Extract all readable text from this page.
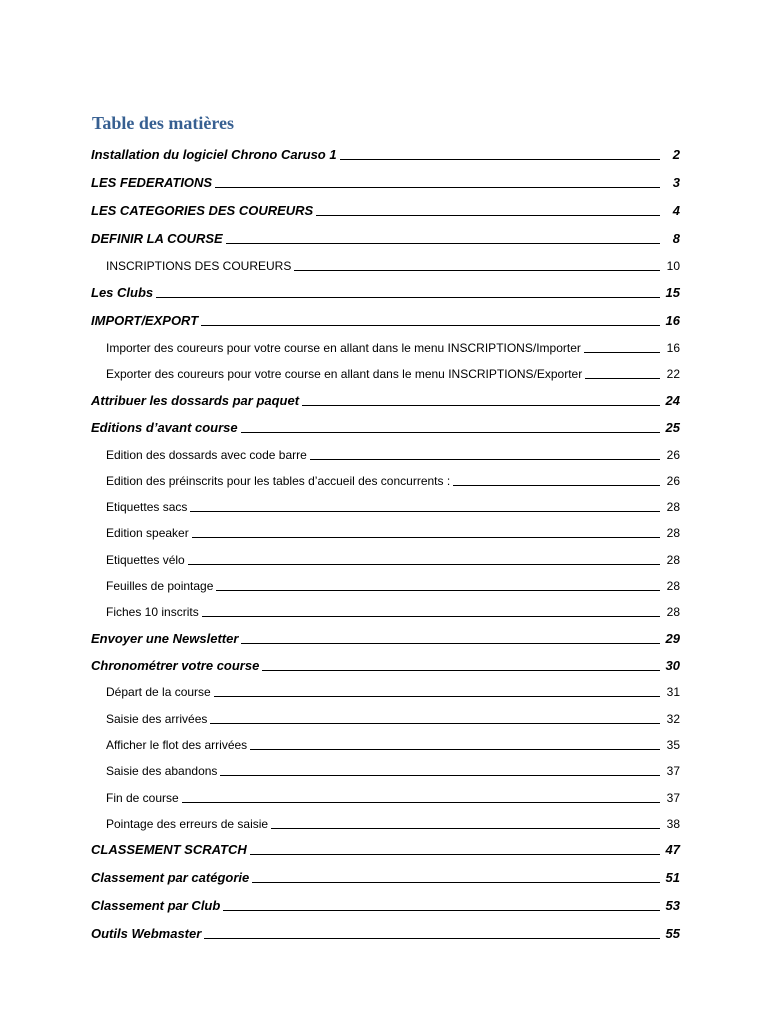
Table des matières
Installation du logiciel Chrono Caruso 1	2
LES FEDERATIONS	3
LES CATEGORIES DES COUREURS	4
DEFINIR LA COURSE	8
INSCRIPTIONS DES COUREURS	10
Les Clubs	15
IMPORT/EXPORT	16
Importer des coureurs pour votre course en allant dans le menu INSCRIPTIONS/Importer	16
Exporter des coureurs pour votre course en allant dans le menu INSCRIPTIONS/Exporter	22
Attribuer les dossards par paquet	24
Editions d’avant course	25
Edition des dossards avec code barre	26
Edition des préinscrits pour les tables d’accueil des concurrents :	26
Etiquettes sacs	28
Edition speaker	28
Etiquettes vélo	28
Feuilles de pointage	28
Fiches 10 inscrits	28
Envoyer une Newsletter	29
Chronométrer votre course	30
Départ de la course	31
Saisie des arrivées	32
Afficher le flot des arrivées	35
Saisie des abandons	37
Fin de course	37
Pointage des erreurs de saisie	38
CLASSEMENT SCRATCH	47
Classement par catégorie	51
Classement par Club	53
Outils Webmaster	55
